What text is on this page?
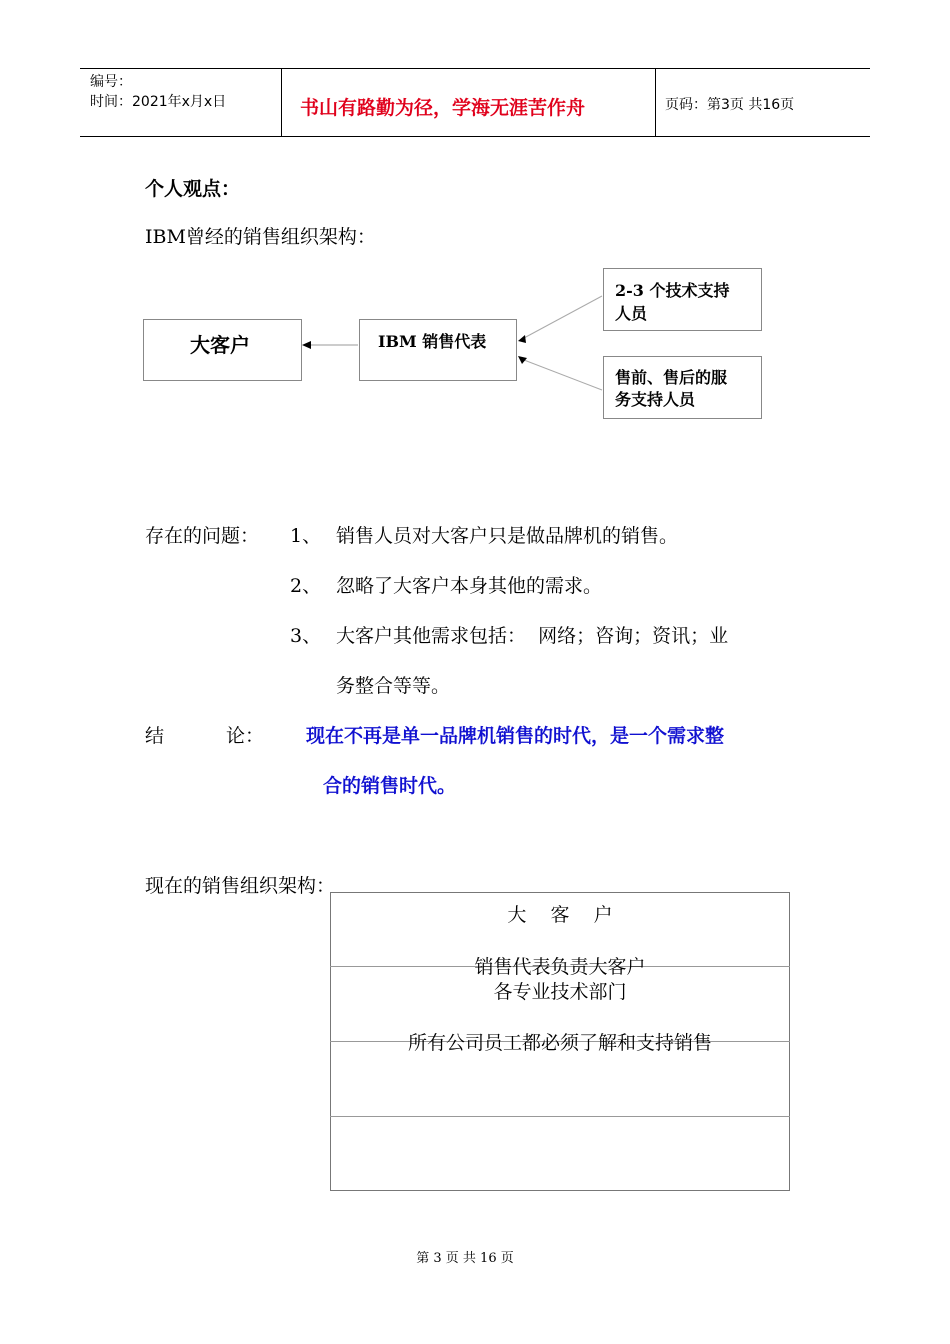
编号：
时间：2021年x月x日	书山有路勤为径，学海无涯苦作舟	页码：第3页 共16页
个人观点：
IBM曾经的销售组织架构：
大客户	IBM 销售代表
2-3 个技术支持
人员
售前、售后的服
务支持人员
存在的问题： 1、 销售人员对大客户只是做品牌机的销售。
2、 忽略了大客户本身其他的需求。
3、 大客户其他需求包括：  网络；咨询；资讯；业
务整合等等。
结	论： 现在不再是单一品牌机销售的时代，是一个需求整
合的销售时代。
现在的销售组织架构：
大    客    户
销售代表负责大客户
各专业技术部门
所有公司员工都必须了解和支持销售
第 3 页 共 16 页
